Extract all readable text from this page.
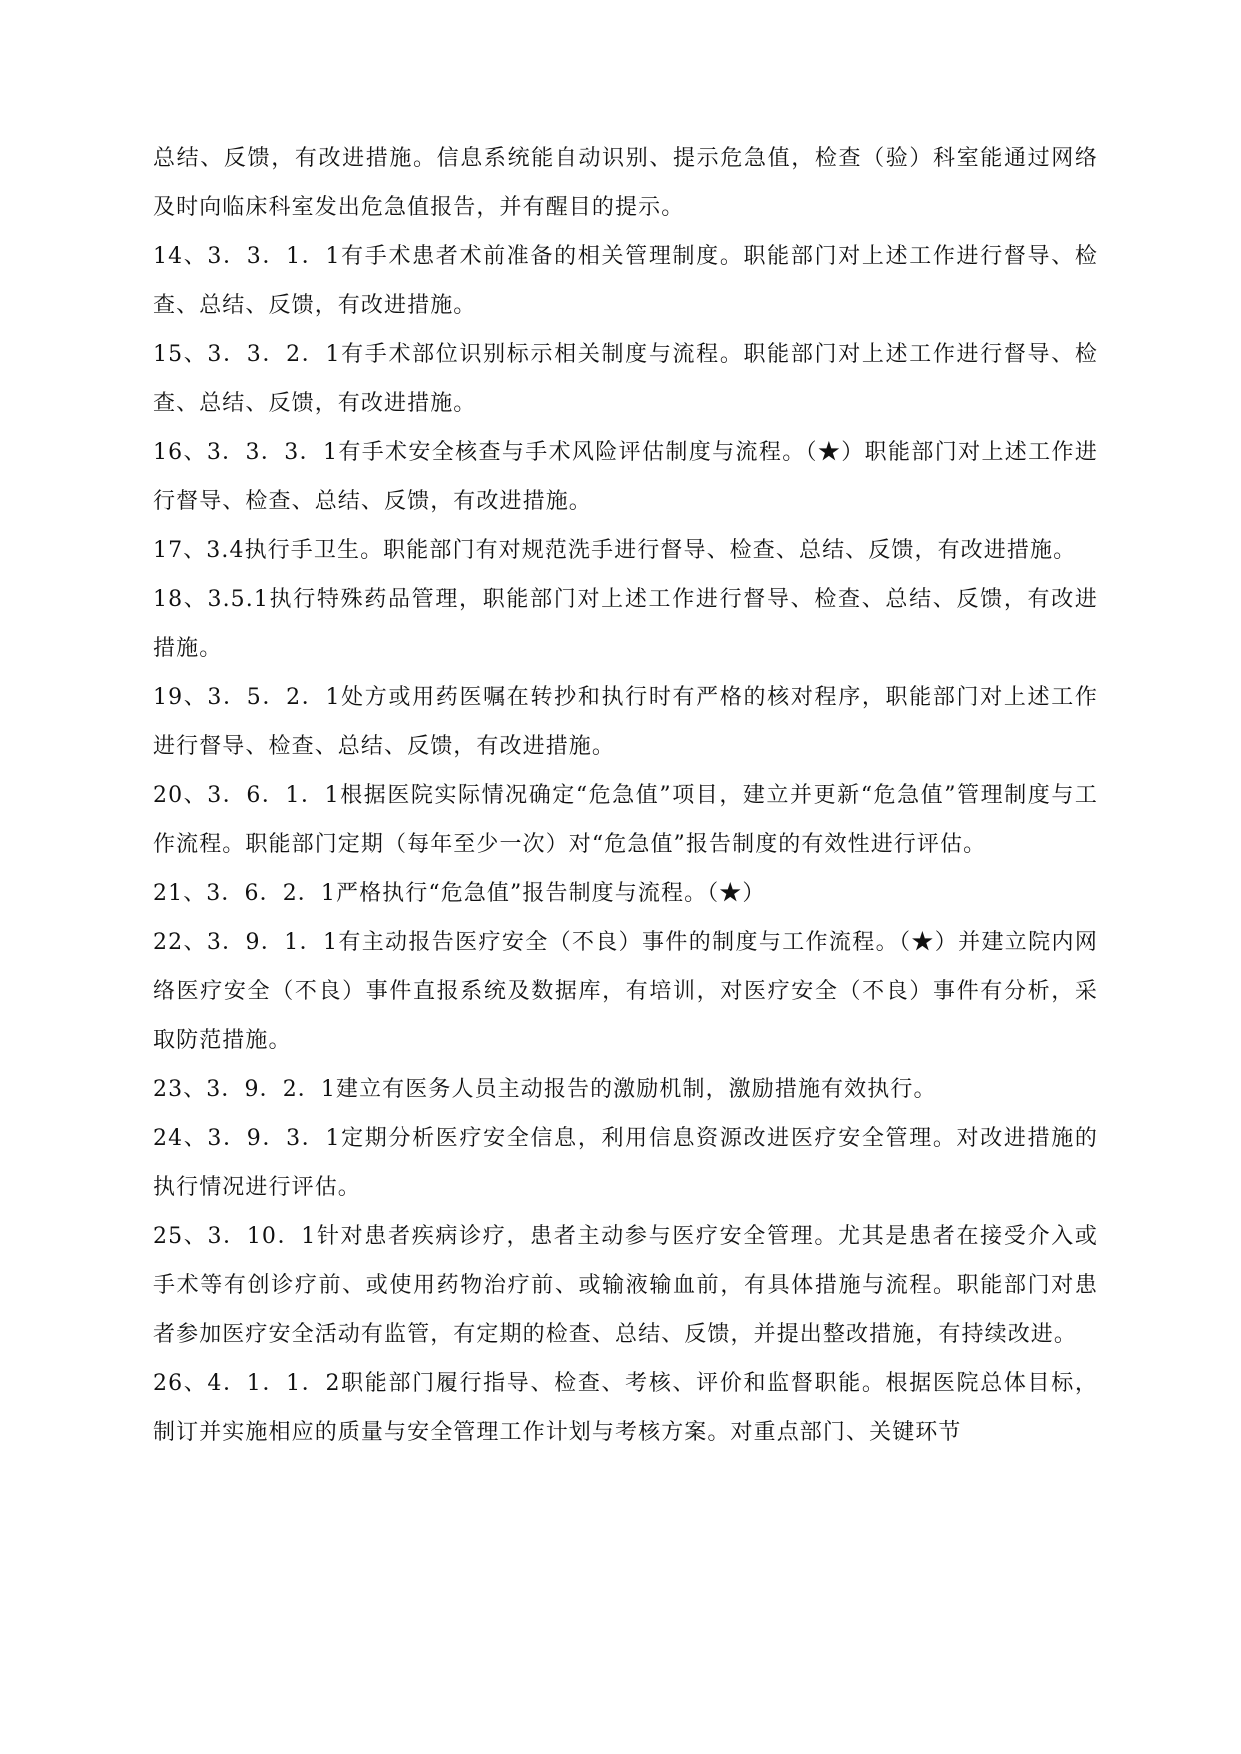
总结、反馈，有改进措施。信息系统能自动识别、提示危急值，检查（验）科室能通过网络及时向临床科室发出危急值报告，并有醒目的提示。

14、3．3．1．1有手术患者术前准备的相关管理制度。职能部门对上述工作进行督导、检查、总结、反馈，有改进措施。

15、3．3．2．1有手术部位识别标示相关制度与流程。职能部门对上述工作进行督导、检查、总结、反馈，有改进措施。

16、3．3．3．1有手术安全核查与手术风险评估制度与流程。（★）职能部门对上述工作进行督导、检查、总结、反馈，有改进措施。

17、3.4执行手卫生。职能部门有对规范洗手进行督导、检查、总结、反馈，有改进措施。

18、3.5.1执行特殊药品管理，职能部门对上述工作进行督导、检查、总结、反馈，有改进措施。

19、3．5．2．1处方或用药医嘱在转抄和执行时有严格的核对程序，职能部门对上述工作进行督导、检查、总结、反馈，有改进措施。

20、3．6．1．1根据医院实际情况确定“危急值”项目，建立并更新“危急值”管理制度与工作流程。职能部门定期（每年至少一次）对“危急值”报告制度的有效性进行评估。

21、3．6．2．1严格执行“危急值”报告制度与流程。（★）

22、3．9．1．1有主动报告医疗安全（不良）事件的制度与工作流程。（★）并建立院内网络医疗安全（不良）事件直报系统及数据库，有培训，对医疗安全（不良）事件有分析，采取防范措施。

23、3．9．2．1建立有医务人员主动报告的激励机制，激励措施有效执行。

24、3．9．3．1定期分析医疗安全信息，利用信息资源改进医疗安全管理。对改进措施的执行情况进行评估。

25、3．10．1针对患者疾病诊疗，患者主动参与医疗安全管理。尤其是患者在接受介入或手术等有创诊疗前、或使用药物治疗前、或输液输血前，有具体措施与流程。职能部门对患者参加医疗安全活动有监管，有定期的检查、总结、反馈，并提出整改措施，有持续改进。

26、4．1．1．2职能部门履行指导、检查、考核、评价和监督职能。根据医院总体目标，制订并实施相应的质量与安全管理工作计划与考核方案。对重点部门、关键环节
